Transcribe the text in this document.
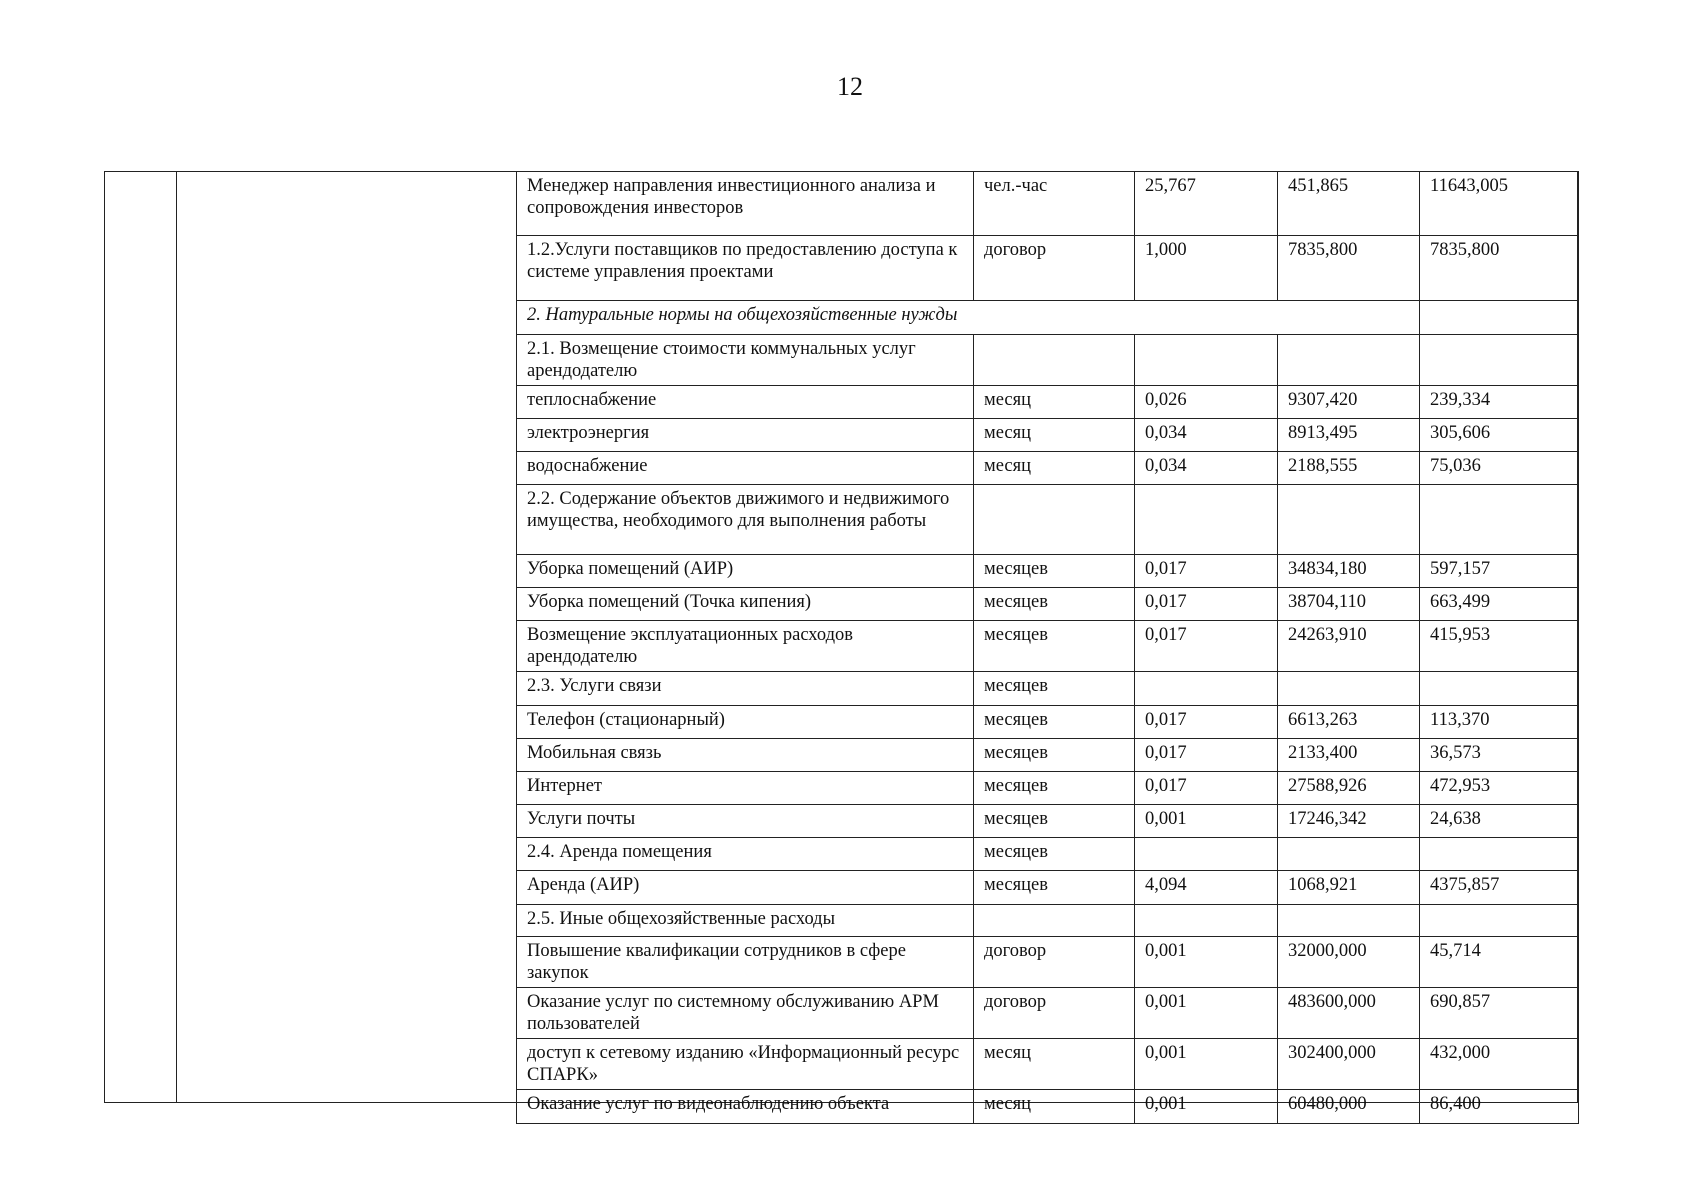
12
Менеджер направления инвестиционного анализа и сопровождения инвесторов	чел.-час	25,767	451,865	11643,005
1.2.Услуги поставщиков по предоставлению доступа к системе управления проектами	договор	1,000	7835,800	7835,800
2. Натуральные нормы на общехозяйственные нужды				
2.1. Возмещение стоимости коммунальных услуг арендодателю				
теплоснабжение	месяц	0,026	9307,420	239,334
электроэнергия	месяц	0,034	8913,495	305,606
водоснабжение	месяц	0,034	2188,555	75,036
2.2. Содержание объектов движимого и недвижимого имущества, необходимого для выполнения работы				
Уборка помещений (АИР)	месяцев	0,017	34834,180	597,157
Уборка помещений (Точка кипения)	месяцев	0,017	38704,110	663,499
Возмещение эксплуатационных расходов арендодателю	месяцев	0,017	24263,910	415,953
2.3. Услуги связи	месяцев			
Телефон (стационарный)	месяцев	0,017	6613,263	113,370
Мобильная связь	месяцев	0,017	2133,400	36,573
Интернет	месяцев	0,017	27588,926	472,953
Услуги почты	месяцев	0,001	17246,342	24,638
2.4. Аренда помещения	месяцев			
Аренда (АИР)	месяцев	4,094	1068,921	4375,857
2.5. Иные общехозяйственные расходы				
Повышение квалификации сотрудников в сфере закупок	договор	0,001	32000,000	45,714
Оказание услуг по системному обслуживанию АРМ пользователей	договор	0,001	483600,000	690,857
доступ к сетевому изданию «Информационный ресурс СПАРК»	месяц	0,001	302400,000	432,000
Оказание услуг по видеонаблюдению объекта	месяц	0,001	60480,000	86,400
